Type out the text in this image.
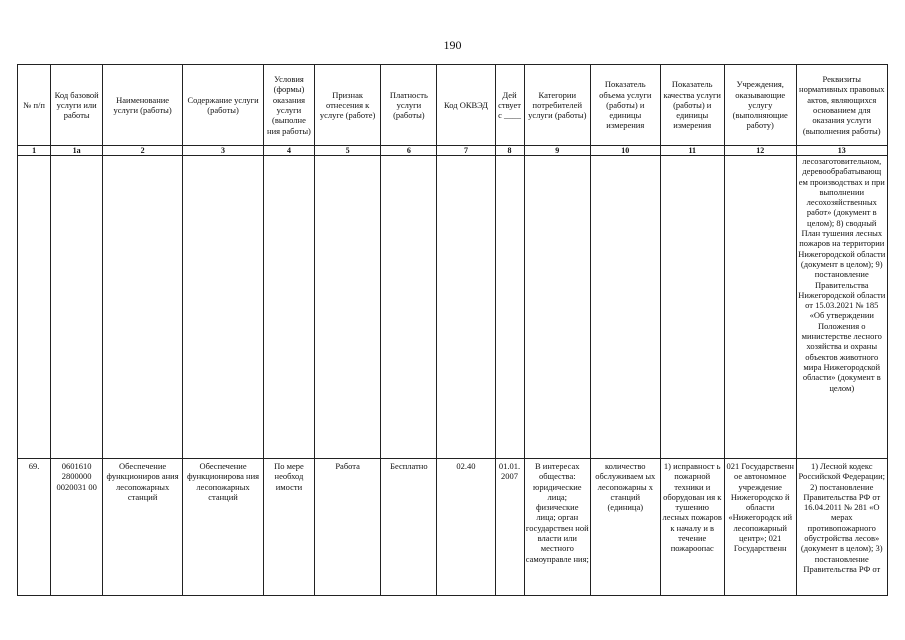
190
№ п/п	Код базовой услуги или работы	Наименование услуги (работы)	Содержание услуги (работы)	Условия (формы) оказания услуги (выполне ния работы)	Признак отнесения к услуге (работе)	Платность услуги (работы)	Код ОКВЭД	Дей ствует с ____	Категории потребителей услуги (работы)	Показатель объема услуги (работы) и единицы измерения	Показатель качества услуги (работы) и единицы измерения	Учреждения, оказывающие услугу (выполняющие работу)	Реквизиты нормативных правовых актов, являющихся основанием для оказания услуги (выполнения работы)
1	1а	2	3	4	5	6	7	8	9	10	11	12	13
													лесозаготовительном, деревообрабатывающ ем производствах и при выполнении лесохозяйственных работ» (документ в целом); 8) сводный План тушения лесных пожаров на территории Нижегородской области (документ в целом); 9) постановление Правительства Нижегородской области от 15.03.2021 № 185 «Об утверждении Положения о министерстве лесного хозяйства и охраны объектов животного мира Нижегородской области» (документ в целом)
69.	0601610 2800000 0020031 00	Обеспечение функциониров ания лесопожарных станций	Обеспечение функционирова ния лесопожарных станций	По мере необход имости	Работа	Бесплатно	02.40	01.01. 2007	В интересах общества: юридические лица; физические лица; орган государствен ной власти или местного самоуправле ния;	количество обслуживаем ых лесопожарны х станций (единица)	1) исправност ь пожарной техники и оборудован ия к тушению лесных пожаров к началу и в течение пожароопас	021 Государственн ое автономное учреждение Нижегородско й области «Нижегородск ий лесопожарный центр»; 021 Государственн	1) Лесной кодекс Российской Федерации; 2) постановление Правительства РФ от 16.04.2011 № 281 «О мерах противопожарного обустройства лесов» (документ в целом); 3) постановление Правительства РФ от
